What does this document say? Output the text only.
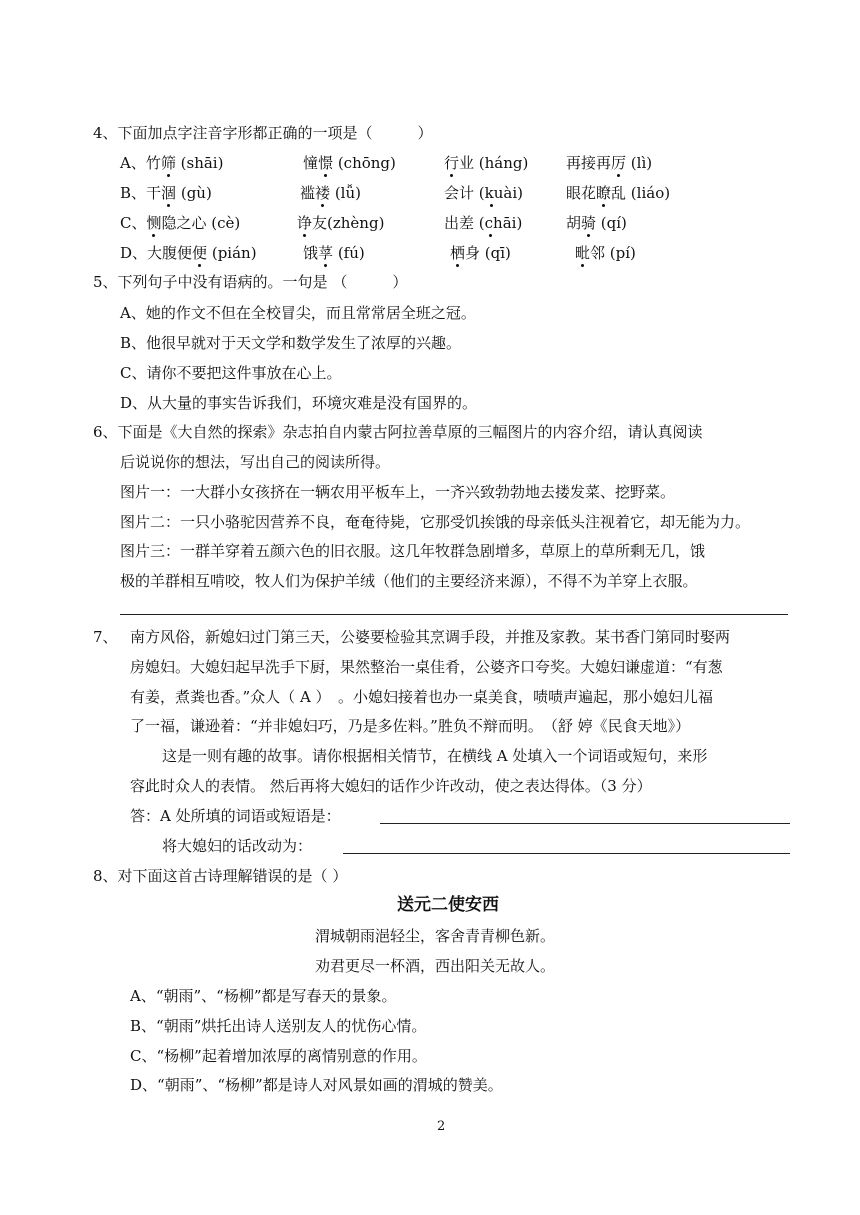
4、下面加点字注音字形都正确的一项是（　　　）
A、竹筛 (shāi)	憧憬 (chōng)	行业 (háng)	再接再厉 (lì)
B、干涸 (gù)	褴褛 (lǚ)	会计 (kuài)	眼花瞭乱 (liáo)
C、恻隐之心 (cè)	诤友(zhèng)	出差 (chāi)	胡骑 (qí)
D、大腹便便 (pián)	饿莩 (fú)	栖身 (qī)	毗邻 (pí)
5、下列句子中没有语病的。一句是 （　　　）
A、她的作文不但在全校冒尖，而且常常居全班之冠。
B、他很早就对于天文学和数学发生了浓厚的兴趣。
C、请你不要把这件事放在心上。
D、从大量的事实告诉我们，环境灾难是没有国界的。
6、下面是《大自然的探索》杂志拍自内蒙古阿拉善草原的三幅图片的内容介绍，请认真阅读
后说说你的想法，写出自己的阅读所得。
图片一：一大群小女孩挤在一辆农用平板车上，一齐兴致勃勃地去搂发菜、挖野菜。
图片二：一只小骆驼因营养不良，奄奄待毙，它那受饥挨饿的母亲低头注视着它，却无能为力。
图片三：一群羊穿着五颜六色的旧衣服。这几年牧群急剧增多，草原上的草所剩无几，饿
极的羊群相互啃咬，牧人们为保护羊绒（他们的主要经济来源），不得不为羊穿上衣服。
7、 南方风俗，新媳妇过门第三天，公婆要检验其烹调手段，并推及家教。某书香门第同时娶两
房媳妇。大媳妇起早洗手下厨，果然整治一桌佳肴，公婆齐口夸奖。大媳妇谦虚道：“有葱
有姜，煮粪也香。”众人（ A ）　。小媳妇接着也办一桌美食，啧啧声遍起，那小媳妇儿福
了一福，谦逊着：“并非媳妇巧，乃是多佐料。”胜负不辩而明。　（舒 婷《民食天地》）
这是一则有趣的故事。请你根据相关情节，在横线 A 处填入一个词语或短句，来形
容此时众人的表情。 然后再将大媳妇的话作少许改动，使之表达得体。（3 分）
答：A 处所填的词语或短语是：
将大媳妇的话改动为：
8、对下面这首古诗理解错误的是（ ）
送元二使安西
渭城朝雨浥轻尘，客舍青青柳色新。
劝君更尽一杯酒，西出阳关无故人。
A、“朝雨”、“杨柳”都是写春天的景象。
B、“朝雨”烘托出诗人送别友人的忧伤心情。
C、“杨柳”起着增加浓厚的离情别意的作用。
D、“朝雨”、“杨柳”都是诗人对风景如画的渭城的赞美。
2
